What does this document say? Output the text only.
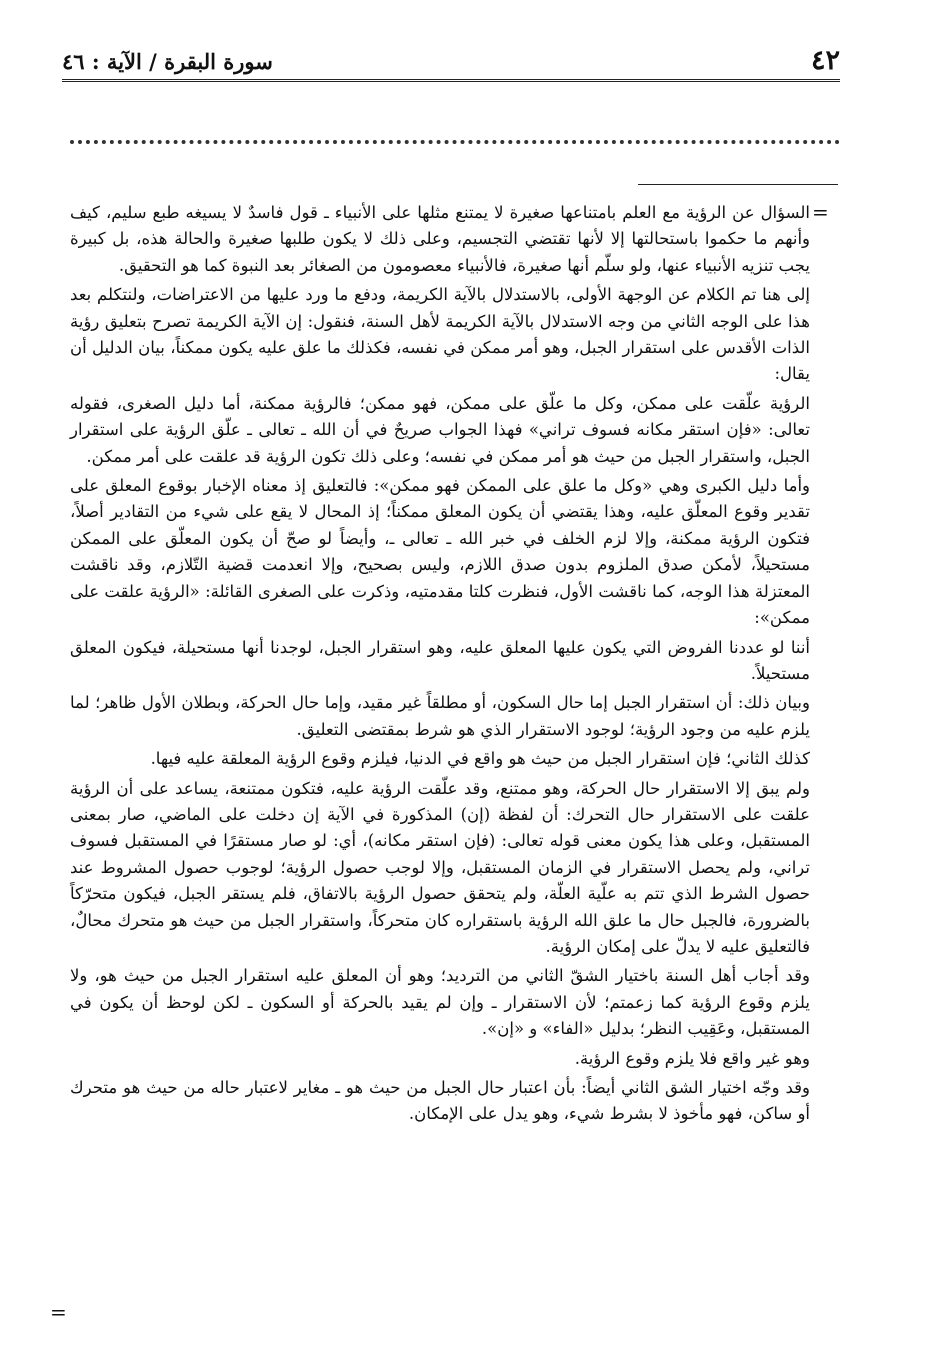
٤٢
سورة البقرة / الآية : ٤٦
=
=

السؤال عن الرؤية مع العلم بامتناعها صغيرة لا يمتنع مثلها على الأنبياء ـ قول فاسدٌ لا يسيغه طبع سليم، كيف وأنهم ما حكموا باستحالتها إلا لأنها تقتضي التجسيم، وعلى ذلك لا يكون طلبها صغيرة والحالة هذه، بل كبيرة يجب تنزيه الأنبياء عنها، ولو سلّم أنها صغيرة، فالأنبياء معصومون من الصغائر بعد النبوة كما هو التحقيق.

إلى هنا تم الكلام عن الوجهة الأولى، بالاستدلال بالآية الكريمة، ودفع ما ورد عليها من الاعتراضات، ولنتكلم بعد هذا على الوجه الثاني من وجه الاستدلال بالآية الكريمة لأهل السنة، فنقول: إن الآية الكريمة تصرح بتعليق رؤية الذات الأقدس على استقرار الجبل، وهو أمر ممكن في نفسه، فكذلك ما علق عليه يكون ممكناً، بيان الدليل أن يقال:

الرؤية علّقت على ممكن، وكل ما علّق على ممكن، فهو ممكن؛ فالرؤية ممكنة، أما دليل الصغرى، فقوله تعالى: «فإن استقر مكانه فسوف تراني» فهذا الجواب صريحٌ في أن الله ـ تعالى ـ علّق الرؤية على استقرار الجبل، واستقرار الجبل من حيث هو أمر ممكن في نفسه؛ وعلى ذلك تكون الرؤية قد علقت على أمر ممكن.

وأما دليل الكبرى وهي «وكل ما علق على الممكن فهو ممكن»: فالتعليق إذ معناه الإخبار بوقوع المعلق على تقدير وقوع المعلّق عليه، وهذا يقتضي أن يكون المعلق ممكناً؛ إذ المحال لا يقع على شيء من التقادير أصلاً، فتكون الرؤية ممكنة، وإلا لزم الخلف في خبر الله ـ تعالى ـ، وأيضاً لو صحّ أن يكون المعلّق على الممكن مستحيلاً، لأمكن صدق الملزوم بدون صدق اللازم، وليس بصحيح، وإلا انعدمت قضية التّلازم، وقد ناقشت المعتزلة هذا الوجه، كما ناقشت الأول، فنظرت كلتا مقدمتيه، وذكرت على الصغرى القائلة: «الرؤية علقت على ممكن»:

أننا لو عددنا الفروض التي يكون عليها المعلق عليه، وهو استقرار الجبل، لوجدنا أنها مستحيلة، فيكون المعلق مستحيلاً.

وبيان ذلك: أن استقرار الجبل إما حال السكون، أو مطلقاً غير مقيد، وإما حال الحركة، وبطلان الأول ظاهر؛ لما يلزم عليه من وجود الرؤية؛ لوجود الاستقرار الذي هو شرط بمقتضى التعليق.

كذلك الثاني؛ فإن استقرار الجبل من حيث هو واقع في الدنيا، فيلزم وقوع الرؤية المعلقة عليه فيها.

ولم يبق إلا الاستقرار حال الحركة، وهو ممتنع، وقد علّقت الرؤية عليه، فتكون ممتنعة، يساعد على أن الرؤية علقت على الاستقرار حال التحرك: أن لفظة (إن) المذكورة في الآية إن دخلت على الماضي، صار بمعنى المستقبل، وعلى هذا يكون معنى قوله تعالى: (فإن استقر مكانه)، أي: لو صار مستقرًا في المستقبل فسوف تراني، ولم يحصل الاستقرار في الزمان المستقبل، وإلا لوجب حصول الرؤية؛ لوجوب حصول المشروط عند حصول الشرط الذي تتم به علّية العلّة، ولم يتحقق حصول الرؤية بالاتفاق، فلم يستقر الجبل، فيكون متحرّكاً بالضرورة، فالجبل حال ما علق الله الرؤية باستقراره كان متحركاً، واستقرار الجبل من حيث هو متحرك محالٌ، فالتعليق عليه لا يدلّ على إمكان الرؤية.

وقد أجاب أهل السنة باختيار الشقّ الثاني من الترديد؛ وهو أن المعلق عليه استقرار الجبل من حيث هو، ولا يلزم وقوع الرؤية كما زعمتم؛ لأن الاستقرار ـ وإن لم يقيد بالحركة أو السكون ـ لكن لوحظ أن يكون في المستقبل، وعَقِيب النظر؛ بدليل «الفاء» و «إن».

وهو غير واقع فلا يلزم وقوع الرؤية.

وقد وجّه اختيار الشق الثاني أيضاً: بأن اعتبار حال الجبل من حيث هو ـ مغاير لاعتبار حاله من حيث هو متحرك أو ساكن، فهو مأخوذ لا بشرط شيء، وهو يدل على الإمكان.
